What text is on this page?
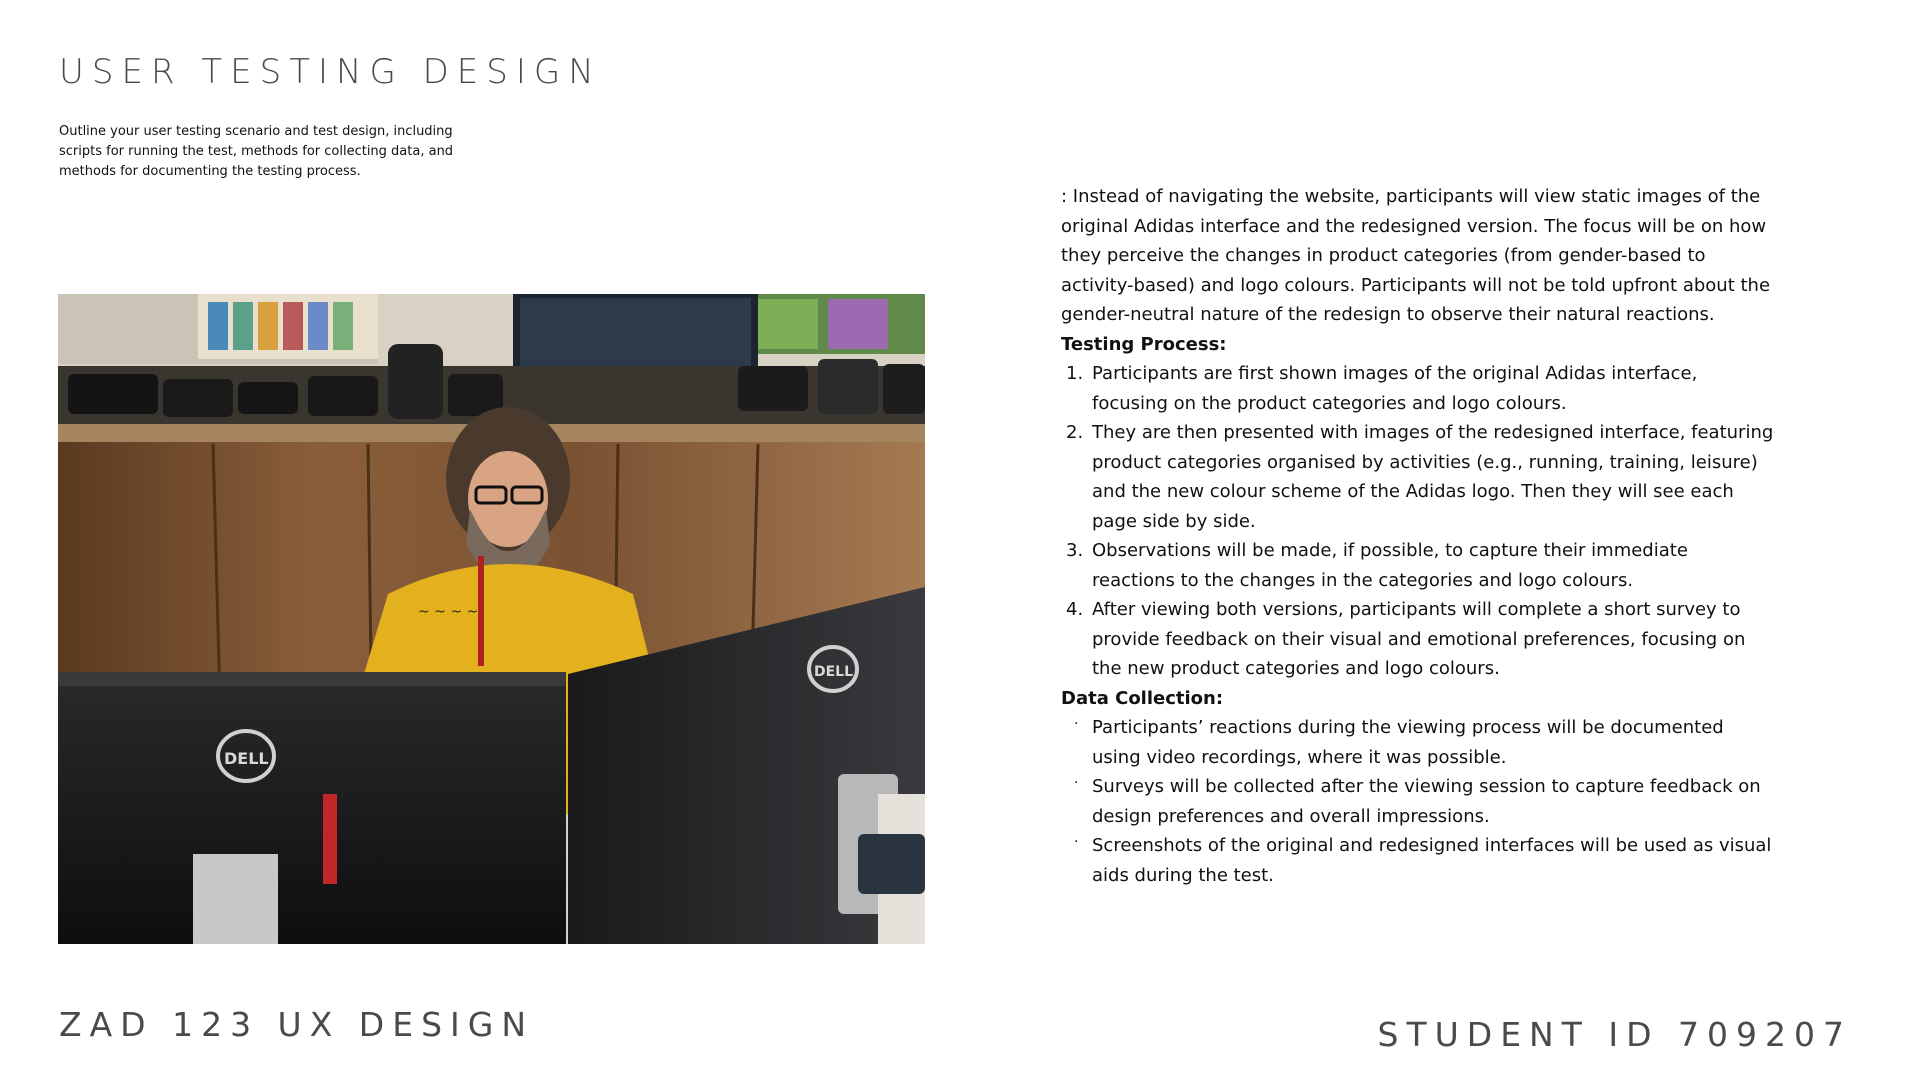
USER TESTING DESIGN
Outline your user testing scenario and test design, including scripts for running the test, methods for collecting data, and methods for documenting the testing process.
~ ~ ~ ~
DELL
DELL

: Instead of navigating the website, participants will view static images of the original Adidas interface and the redesigned version. The focus will be on how they perceive the changes in product categories (from gender-based to activity-based) and logo colours. Participants will not be told upfront about the gender-neutral nature of the redesign to observe their natural reactions.

Testing Process:

1. Participants are first shown images of the original Adidas interface, focusing on the product categories and logo colours.
2. They are then presented with images of the redesigned interface, featuring product categories organised by activities (e.g., running, training, leisure) and the new colour scheme of the Adidas logo. Then they will see each page side by side.
3. Observations will be made, if possible, to capture their immediate reactions to the changes in the categories and logo colours.
4. After viewing both versions, participants will complete a short survey to provide feedback on their visual and emotional preferences, focusing on the new product categories and logo colours.

Data Collection:

· Participants’ reactions during the viewing process will be documented using video recordings, where it was possible.
· Surveys will be collected after the viewing session to capture feedback on design preferences and overall impressions.
· Screenshots of the original and redesigned interfaces will be used as visual aids during the test.
ZAD 123 UX DESIGN	STUDENT ID 709207
